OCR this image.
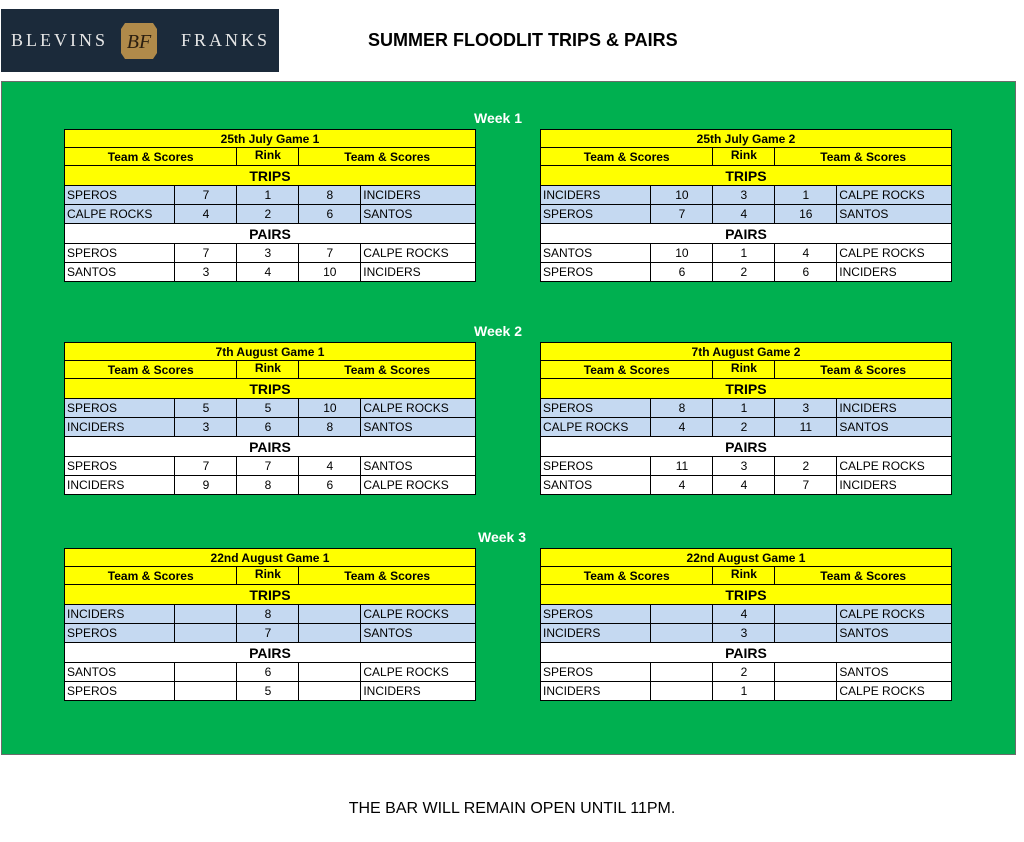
BLEVINS BF FRANKS	SUMMER FLOODLIT TRIPS & PAIRS
Week 1
25th July Game 1				
Team & Scores		Rink	Team & Scores	
TRIPS				
SPEROS	7	1	8	INCIDERS
CALPE ROCKS	4	2	6	SANTOS
PAIRS				
SPEROS	7	3	7	CALPE ROCKS
SANTOS	3	4	10	INCIDERS
25th July Game 2				
Team & Scores		Rink	Team & Scores	
TRIPS				
INCIDERS	10	3	1	CALPE ROCKS
SPEROS	7	4	16	SANTOS
PAIRS				
SANTOS	10	1	4	CALPE ROCKS
SPEROS	6	2	6	INCIDERS
Week 2
7th August Game 1				
Team & Scores		Rink	Team & Scores	
TRIPS				
SPEROS	5	5	10	CALPE ROCKS
INCIDERS	3	6	8	SANTOS
PAIRS				
SPEROS	7	7	4	SANTOS
INCIDERS	9	8	6	CALPE ROCKS
7th August Game 2				
Team & Scores		Rink	Team & Scores	
TRIPS				
SPEROS	8	1	3	INCIDERS
CALPE ROCKS	4	2	11	SANTOS
PAIRS				
SPEROS	11	3	2	CALPE ROCKS
SANTOS	4	4	7	INCIDERS
Week 3
22nd August Game 1				
Team & Scores		Rink	Team & Scores	
TRIPS				
INCIDERS		8		CALPE ROCKS
SPEROS		7		SANTOS
PAIRS				
SANTOS		6		CALPE ROCKS
SPEROS		5		INCIDERS
22nd August Game 1				
Team & Scores		Rink	Team & Scores	
TRIPS				
SPEROS		4		CALPE ROCKS
INCIDERS		3		SANTOS
PAIRS				
SPEROS		2		SANTOS
INCIDERS		1		CALPE ROCKS
THE BAR WILL REMAIN OPEN UNTIL 11PM.
